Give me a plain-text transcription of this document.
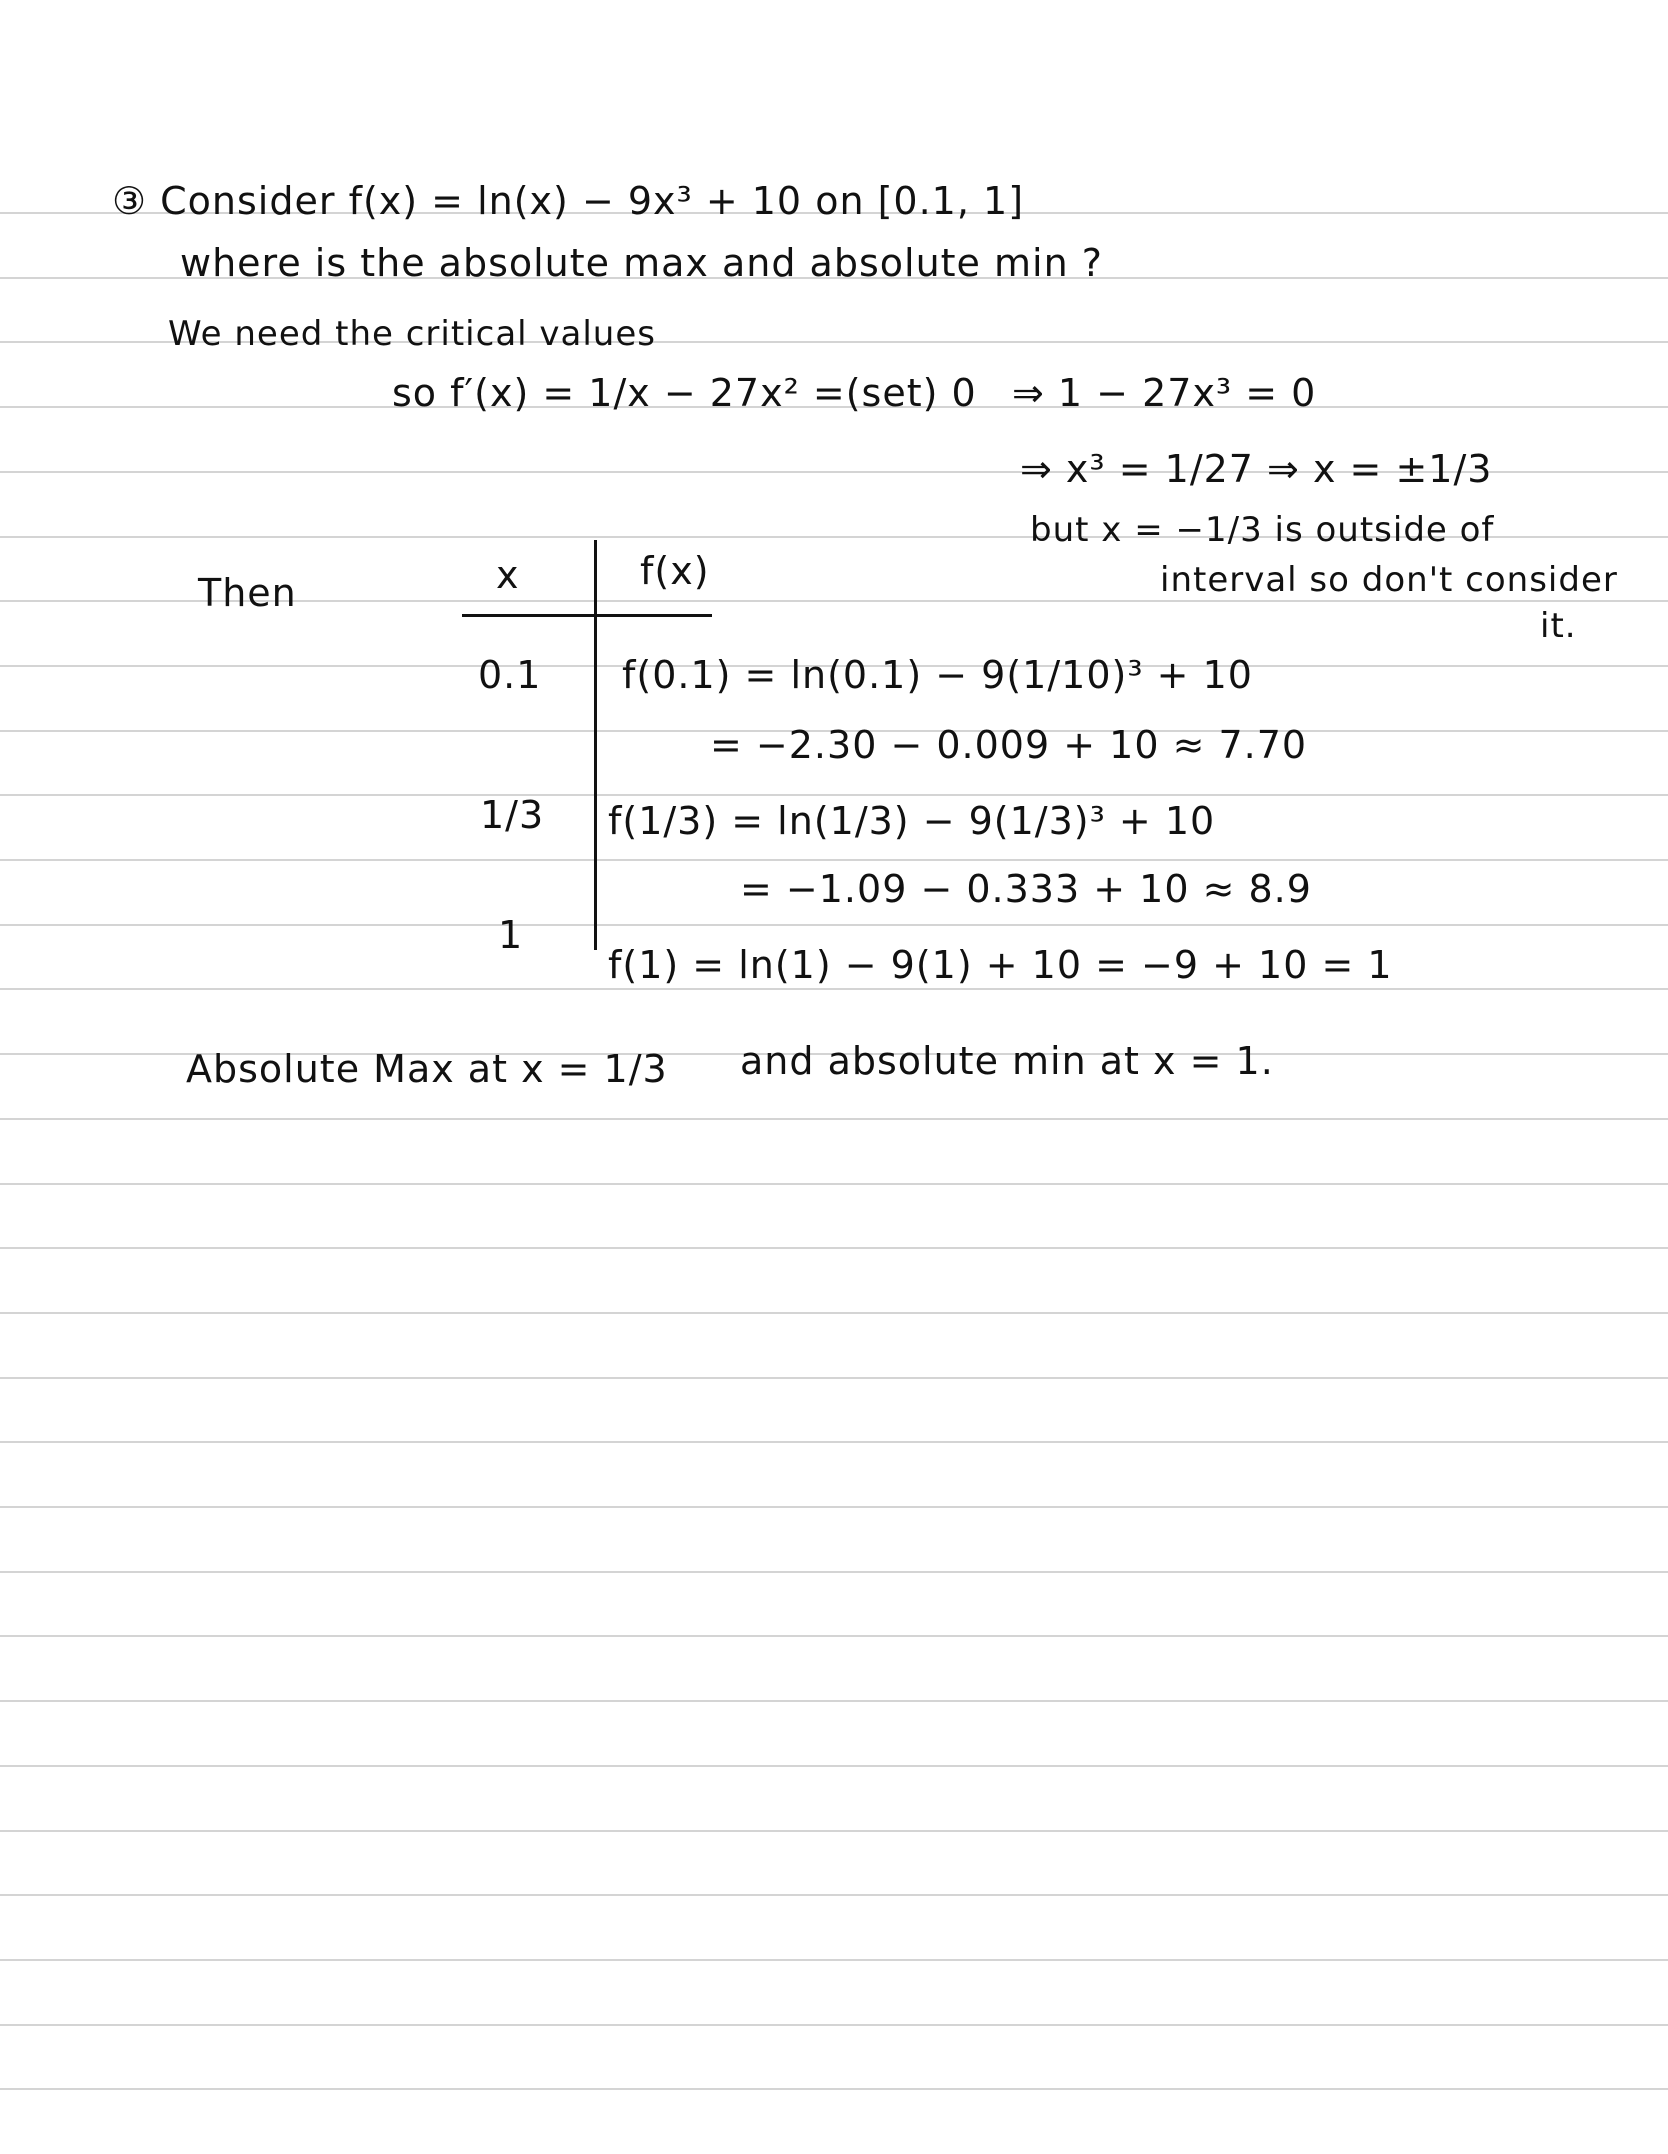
③ Consider f(x) = ln(x) − 9x³ + 10 on [0.1, 1]
where is the absolute max and absolute min ?
We need the critical values
so f′(x) = 1/x − 27x² =(set) 0 ⇒ 1 − 27x³ = 0
⇒ x³ = 1/27 ⇒ x = ±1/3
but x = −1/3 is outside of
interval so don't consider
it.
Then	x	f(x)
0.1 f(0.1) = ln(0.1) − 9(1/10)³ + 10
= −2.30 − 0.009 + 10 ≈ 7.70
1/3 f(1/3) = ln(1/3) − 9(1/3)³ + 10
= −1.09 − 0.333 + 10 ≈ 8.9
1
f(1) = ln(1) − 9(1) + 10 = −9 + 10 = 1
Absolute Max at x = 1/3 and absolute min at x = 1.
